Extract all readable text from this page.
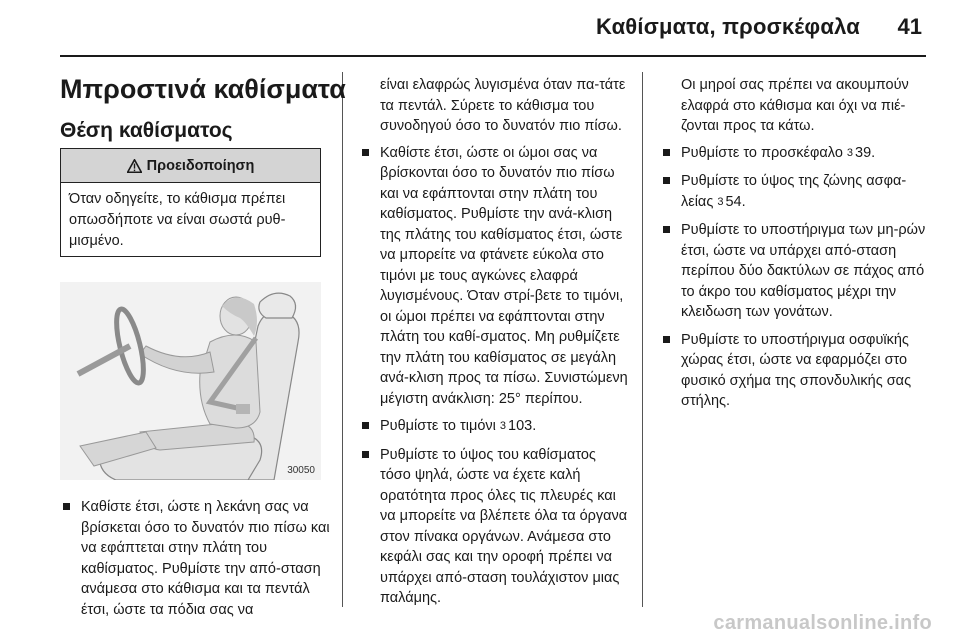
Καθίσματα, προσκέφαλα	41
Μπροστινά καθίσματα
Θέση καθίσματος
Προειδοποίηση
Όταν οδηγείτε, το κάθισμα πρέπει οπωσδήποτε να είναι σωστά ρυθ-μισμένο.
30050
Καθίστε έτσι, ώστε η λεκάνη σας να βρίσκεται όσο το δυνατόν πιο πίσω και να εφάπτεται στην πλάτη του καθίσματος. Ρυθμίστε την από-σταση ανάμεσα στο κάθισμα και τα πεντάλ έτσι, ώστε τα πόδια σας να

είναι ελαφρώς λυγισμένα όταν πα-τάτε τα πεντάλ. Σύρετε το κάθισμα του συνοδηγού όσο το δυνατόν πιο πίσω.

Καθίστε έτσι, ώστε οι ώμοι σας να βρίσκονται όσο το δυνατόν πιο πίσω και να εφάπτονται στην πλάτη του καθίσματος. Ρυθμίστε την ανά-κλιση της πλάτης του καθίσματος έτσι, ώστε να μπορείτε να φτάνετε εύκολα στο τιμόνι με τους αγκώνες ελαφρά λυγισμένους. Όταν στρί-βετε το τιμόνι, οι ώμοι πρέπει να εφάπτονται στην πλάτη του καθί-σματος. Μη ρυθμίζετε την πλάτη του καθίσματος σε μεγάλη ανά-κλιση προς τα πίσω. Συνιστώμενη μέγιστη ανάκλιση: 25° περίπου.
Ρυθμίστε το τιμόνι 3 103.
Ρυθμίστε το ύψος του καθίσματος τόσο ψηλά, ώστε να έχετε καλή ορατότητα προς όλες τις πλευρές και να μπορείτε να βλέπετε όλα τα όργανα στον πίνακα οργάνων. Ανάμεσα στο κεφάλι σας και την οροφή πρέπει να υπάρχει από-σταση τουλάχιστον μιας παλάμης.

Οι μηροί σας πρέπει να ακουμπούν ελαφρά στο κάθισμα και όχι να πιέ-ζονται προς τα κάτω.

Ρυθμίστε το προσκέφαλο 3 39.
Ρυθμίστε το ύψος της ζώνης ασφα-λείας 3 54.
Ρυθμίστε το υποστήριγμα των μη-ρών έτσι, ώστε να υπάρχει από-σταση περίπου δύο δακτύλων σε πάχος από το άκρο του καθίσματος μέχρι την κλειδωση των γονάτων.
Ρυθμίστε το υποστήριγμα οσφυϊκής χώρας έτσι, ώστε να εφαρμόζει στο φυσικό σχήμα της σπονδυλικής σας στήλης.
carmanualsonline.info
